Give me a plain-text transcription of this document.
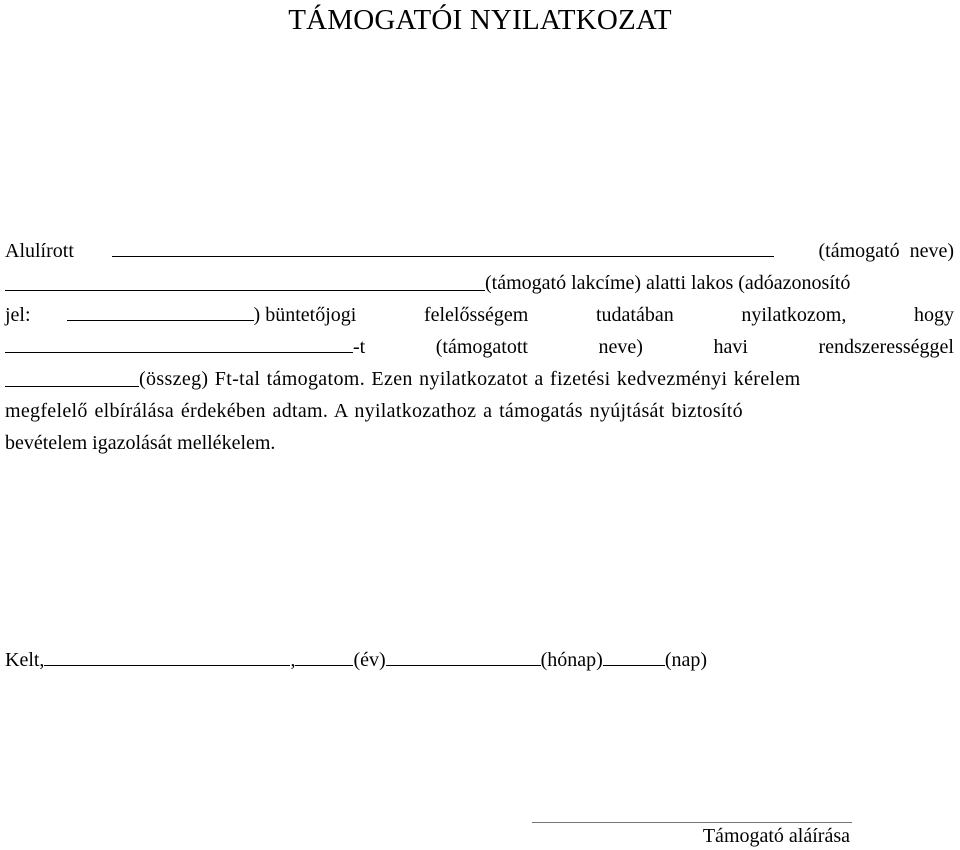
TÁMOGATÓI NYILATKOZAT
Alulírott	(támogató  neve)
(támogató lakcíme) alatti lakos (adóazonosító
jel:	) büntetőjogi	felelősségem	tudatában	nyilatkozom,	hogy
-t	(támogatott	neve)	havi	rendszerességgel
(összeg) Ft-tal támogatom. Ezen nyilatkozatot a fizetési kedvezményi kérelem
megfelelő elbírálása érdekében adtam. A nyilatkozathoz a támogatás nyújtását biztosító
bevételem igazolását mellékelem.
Kelt,	,	(év)	(hónap)	(nap)
Támogató aláírása
